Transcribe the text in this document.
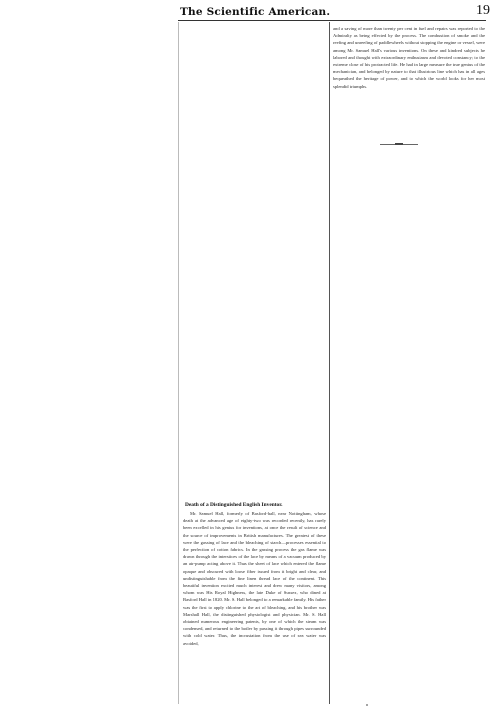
The Scientific American.	19

and a saving of more than twenty per cent in fuel and repairs was reported to the Admiralty as being effected by the process. The combustion of smoke and the reefing and unreefing of paddlewheels without stopping the engine or vessel, were among Mr. Samuel Hall's various inventions. On these and kindred subjects he labored and thought with extraordinary enthusiasm and devoted constancy; to the extreme close of his protracted life. He had in large measure the true genius of the mechanician, and belonged by nature to that illustrious line which has in all ages bequeathed the heritage of power, and to which the world looks for her most splendid triumphs.

Death of a Distinguished English Inventor.

Mr. Samuel Hall, formerly of Basford-hall, near Nottingham, whose death at the advanced age of eighty-two was recorded recently, has rarely been excelled in his genius for inventions, at once the result of science and the source of improvements in British manufactures. The greatest of these were the gassing of lace and the bleaching of starch—processes essential to the perfection of cotton fabrics. In the gassing process the gas flame was drawn through the interstices of the lace by means of a vacuum produced by an air-pump acting above it. Thus the sheet of lace which entered the flame opaque and obscured with loose fiber issued from it bright and clear, and undistinguishable from the fine linen thread lace of the continent. This beautiful invention excited much interest and drew many visitors, among whom was His Royal Highness, the late Duke of Sussex, who dined at Basford Hall in 1820. Mr. S. Hall belonged to a remarkable family. His father was the first to apply chlorine to the art of bleaching, and his brother was Marshall Hall, the distinguished physiologist and physician. Mr. S. Hall obtained numerous engineering patents, by one of which the steam was condensed, and returned to the boiler by passing it through pipes surrounded with cold water. Thus, the incrustation from the use of sea water was avoided,
